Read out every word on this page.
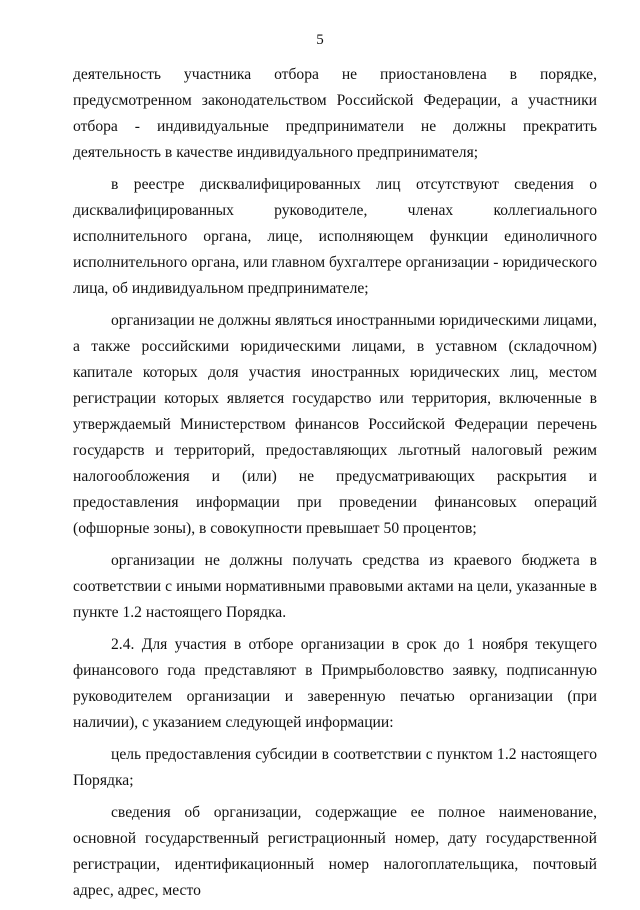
5

деятельность участника отбора не приостановлена в порядке, предусмотренном законодательством Российской Федерации, а участники отбора - индивидуальные предприниматели не должны прекратить деятельность в качестве индивидуального предпринимателя;

в реестре дисквалифицированных лиц отсутствуют сведения о дисквалифицированных руководителе, членах коллегиального исполнительного органа, лице, исполняющем функции единоличного исполнительного органа, или главном бухгалтере организации - юридического лица, об индивидуальном предпринимателе;

организации не должны являться иностранными юридическими лицами, а также российскими юридическими лицами, в уставном (складочном) капитале которых доля участия иностранных юридических лиц, местом регистрации которых является государство или территория, включенные в утверждаемый Министерством финансов Российской Федерации перечень государств и территорий, предоставляющих льготный налоговый режим налогообложения и (или) не предусматривающих раскрытия и предоставления информации при проведении финансовых операций (офшорные зоны), в совокупности превышает 50 процентов;

организации не должны получать средства из краевого бюджета в соответствии с иными нормативными правовыми актами на цели, указанные в пункте 1.2 настоящего Порядка.

2.4. Для участия в отборе организации в срок до 1 ноября текущего финансового года представляют в Примрыболовство заявку, подписанную руководителем организации и заверенную печатью организации (при наличии), с указанием следующей информации:

цель предоставления субсидии в соответствии с пунктом 1.2 настоящего Порядка;

сведения об организации, содержащие ее полное наименование, основной государственный регистрационный номер, дату государственной регистрации, идентификационный номер налогоплательщика, почтовый адрес, адрес, место
